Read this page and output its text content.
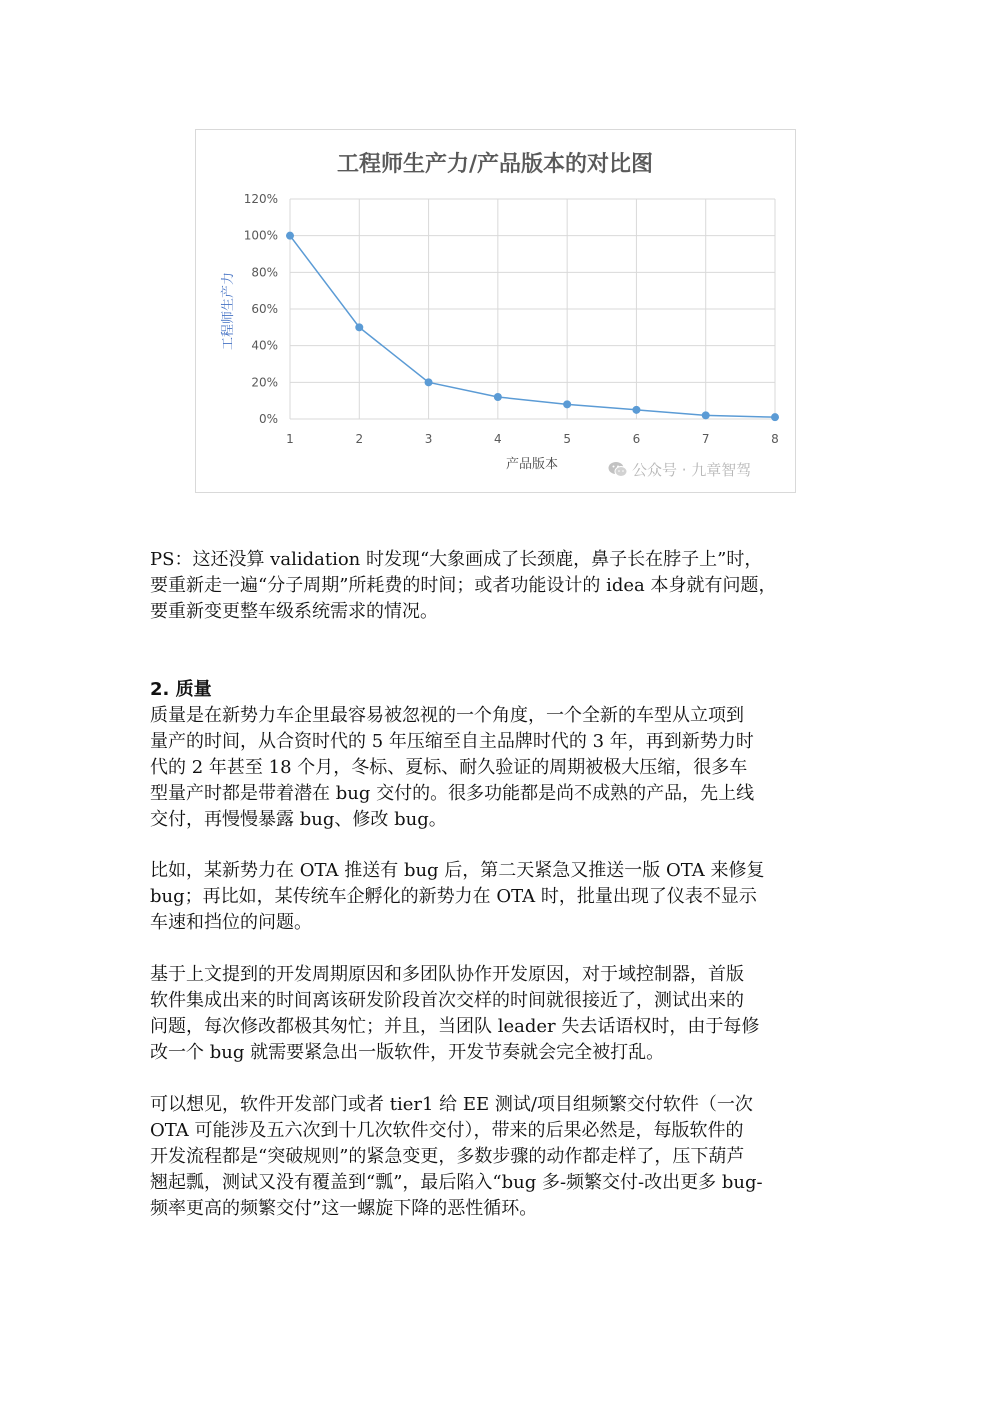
0%
20%
40%
60%
80%
100%
120%
1	2	3	4	5	6	7	8
工程师生产力/产品版本的对比图
工程师生产力
产品版本	公众号 · 九章智驾

PS：这还没算 validation 时发现“大象画成了长颈鹿，鼻子长在脖子上”时，
要重新走一遍“分子周期”所耗费的时间；或者功能设计的 idea 本身就有问题，
要重新变更整车级系统需求的情况。

2. 质量

质量是在新势力车企里最容易被忽视的一个角度，一个全新的车型从立项到
量产的时间，从合资时代的 5 年压缩至自主品牌时代的 3 年，再到新势力时
代的 2 年甚至 18 个月，冬标、夏标、耐久验证的周期被极大压缩，很多车
型量产时都是带着潜在 bug 交付的。很多功能都是尚不成熟的产品，先上线
交付，再慢慢暴露 bug、修改 bug。

比如，某新势力在 OTA 推送有 bug 后，第二天紧急又推送一版 OTA 来修复
bug；再比如，某传统车企孵化的新势力在 OTA 时，批量出现了仪表不显示
车速和挡位的问题。

基于上文提到的开发周期原因和多团队协作开发原因，对于域控制器，首版
软件集成出来的时间离该研发阶段首次交样的时间就很接近了，测试出来的
问题，每次修改都极其匆忙；并且，当团队 leader 失去话语权时，由于每修
改一个 bug 就需要紧急出一版软件，开发节奏就会完全被打乱。

可以想见，软件开发部门或者 tier1 给 EE 测试/项目组频繁交付软件（一次
OTA 可能涉及五六次到十几次软件交付），带来的后果必然是，每版软件的
开发流程都是“突破规则”的紧急变更，多数步骤的动作都走样了，压下葫芦
翘起瓢，测试又没有覆盖到“瓢”，最后陷入“bug 多-频繁交付-改出更多 bug-
频率更高的频繁交付”这一螺旋下降的恶性循环。
